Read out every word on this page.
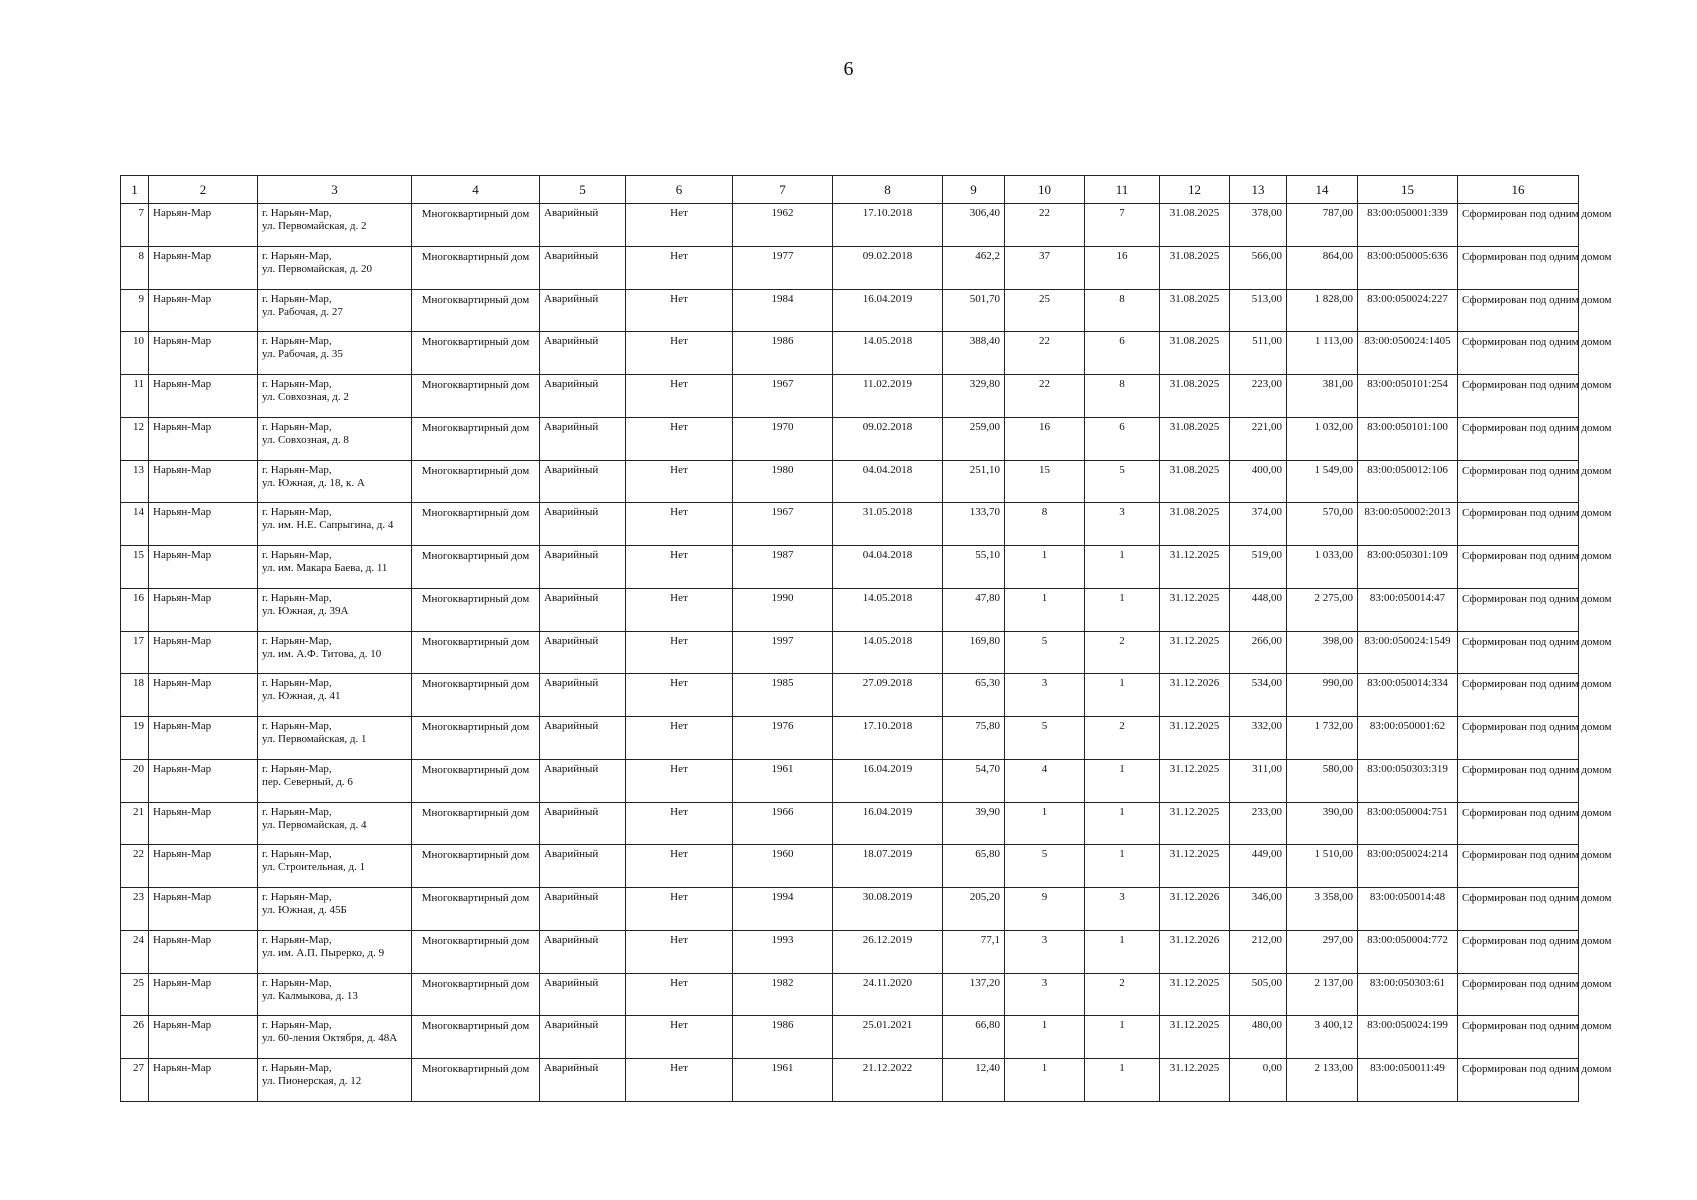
6
1	2	3	4	5	6	7	8	9	10	11	12	13	14	15	16
7	Нарьян-Мар	г. Нарьян-Мар,
ул. Первомайская, д. 2	Многоквартирный дом	Аварийный	Нет	1962	17.10.2018	306,40	22	7	31.08.2025	378,00	787,00	83:00:050001:339	Сформирован под одним домом
8	Нарьян-Мар	г. Нарьян-Мар,
ул. Первомайская, д. 20	Многоквартирный дом	Аварийный	Нет	1977	09.02.2018	462,2	37	16	31.08.2025	566,00	864,00	83:00:050005:636	Сформирован под одним домом
9	Нарьян-Мар	г. Нарьян-Мар,
ул. Рабочая, д. 27	Многоквартирный дом	Аварийный	Нет	1984	16.04.2019	501,70	25	8	31.08.2025	513,00	1 828,00	83:00:050024:227	Сформирован под одним домом
10	Нарьян-Мар	г. Нарьян-Мар,
ул. Рабочая, д. 35	Многоквартирный дом	Аварийный	Нет	1986	14.05.2018	388,40	22	6	31.08.2025	511,00	1 113,00	83:00:050024:1405	Сформирован под одним домом
11	Нарьян-Мар	г. Нарьян-Мар,
ул. Совхозная, д. 2	Многоквартирный дом	Аварийный	Нет	1967	11.02.2019	329,80	22	8	31.08.2025	223,00	381,00	83:00:050101:254	Сформирован под одним домом
12	Нарьян-Мар	г. Нарьян-Мар,
ул. Совхозная, д. 8	Многоквартирный дом	Аварийный	Нет	1970	09.02.2018	259,00	16	6	31.08.2025	221,00	1 032,00	83:00:050101:100	Сформирован под одним домом
13	Нарьян-Мар	г. Нарьян-Мар,
ул. Южная, д. 18, к. А	Многоквартирный дом	Аварийный	Нет	1980	04.04.2018	251,10	15	5	31.08.2025	400,00	1 549,00	83:00:050012:106	Сформирован под одним домом
14	Нарьян-Мар	г. Нарьян-Мар,
ул. им. Н.Е. Сапрыгина, д. 4	Многоквартирный дом	Аварийный	Нет	1967	31.05.2018	133,70	8	3	31.08.2025	374,00	570,00	83:00:050002:2013	Сформирован под одним домом
15	Нарьян-Мар	г. Нарьян-Мар,
ул. им. Макара Баева, д. 11	Многоквартирный дом	Аварийный	Нет	1987	04.04.2018	55,10	1	1	31.12.2025	519,00	1 033,00	83:00:050301:109	Сформирован под одним домом
16	Нарьян-Мар	г. Нарьян-Мар,
ул. Южная, д. 39А	Многоквартирный дом	Аварийный	Нет	1990	14.05.2018	47,80	1	1	31.12.2025	448,00	2 275,00	83:00:050014:47	Сформирован под одним домом
17	Нарьян-Мар	г. Нарьян-Мар,
ул. им. А.Ф. Титова, д. 10	Многоквартирный дом	Аварийный	Нет	1997	14.05.2018	169,80	5	2	31.12.2025	266,00	398,00	83:00:050024:1549	Сформирован под одним домом
18	Нарьян-Мар	г. Нарьян-Мар,
ул. Южная, д. 41	Многоквартирный дом	Аварийный	Нет	1985	27.09.2018	65,30	3	1	31.12.2026	534,00	990,00	83:00:050014:334	Сформирован под одним домом
19	Нарьян-Мар	г. Нарьян-Мар,
ул. Первомайская, д. 1	Многоквартирный дом	Аварийный	Нет	1976	17.10.2018	75,80	5	2	31.12.2025	332,00	1 732,00	83:00:050001:62	Сформирован под одним домом
20	Нарьян-Мар	г. Нарьян-Мар,
пер. Северный, д. 6	Многоквартирный дом	Аварийный	Нет	1961	16.04.2019	54,70	4	1	31.12.2025	311,00	580,00	83:00:050303:319	Сформирован под одним домом
21	Нарьян-Мар	г. Нарьян-Мар,
ул. Первомайская, д. 4	Многоквартирный дом	Аварийный	Нет	1966	16.04.2019	39,90	1	1	31.12.2025	233,00	390,00	83:00:050004:751	Сформирован под одним домом
22	Нарьян-Мар	г. Нарьян-Мар,
ул. Строительная, д. 1	Многоквартирный дом	Аварийный	Нет	1960	18.07.2019	65,80	5	1	31.12.2025	449,00	1 510,00	83:00:050024:214	Сформирован под одним домом
23	Нарьян-Мар	г. Нарьян-Мар,
ул. Южная, д. 45Б	Многоквартирный дом	Аварийный	Нет	1994	30.08.2019	205,20	9	3	31.12.2026	346,00	3 358,00	83:00:050014:48	Сформирован под одним домом
24	Нарьян-Мар	г. Нарьян-Мар,
ул. им. А.П. Пырерко, д. 9	Многоквартирный дом	Аварийный	Нет	1993	26.12.2019	77,1	3	1	31.12.2026	212,00	297,00	83:00:050004:772	Сформирован под одним домом
25	Нарьян-Мар	г. Нарьян-Мар,
ул. Калмыкова, д. 13	Многоквартирный дом	Аварийный	Нет	1982	24.11.2020	137,20	3	2	31.12.2025	505,00	2 137,00	83:00:050303:61	Сформирован под одним домом
26	Нарьян-Мар	г. Нарьян-Мар,
ул. 60-ления Октября, д. 48А	Многоквартирный дом	Аварийный	Нет	1986	25.01.2021	66,80	1	1	31.12.2025	480,00	3 400,12	83:00:050024:199	Сформирован под одним домом
27	Нарьян-Мар	г. Нарьян-Мар,
ул. Пионерская, д. 12	Многоквартирный дом	Аварийный	Нет	1961	21.12.2022	12,40	1	1	31.12.2025	0,00	2 133,00	83:00:050011:49	Сформирован под одним домом
